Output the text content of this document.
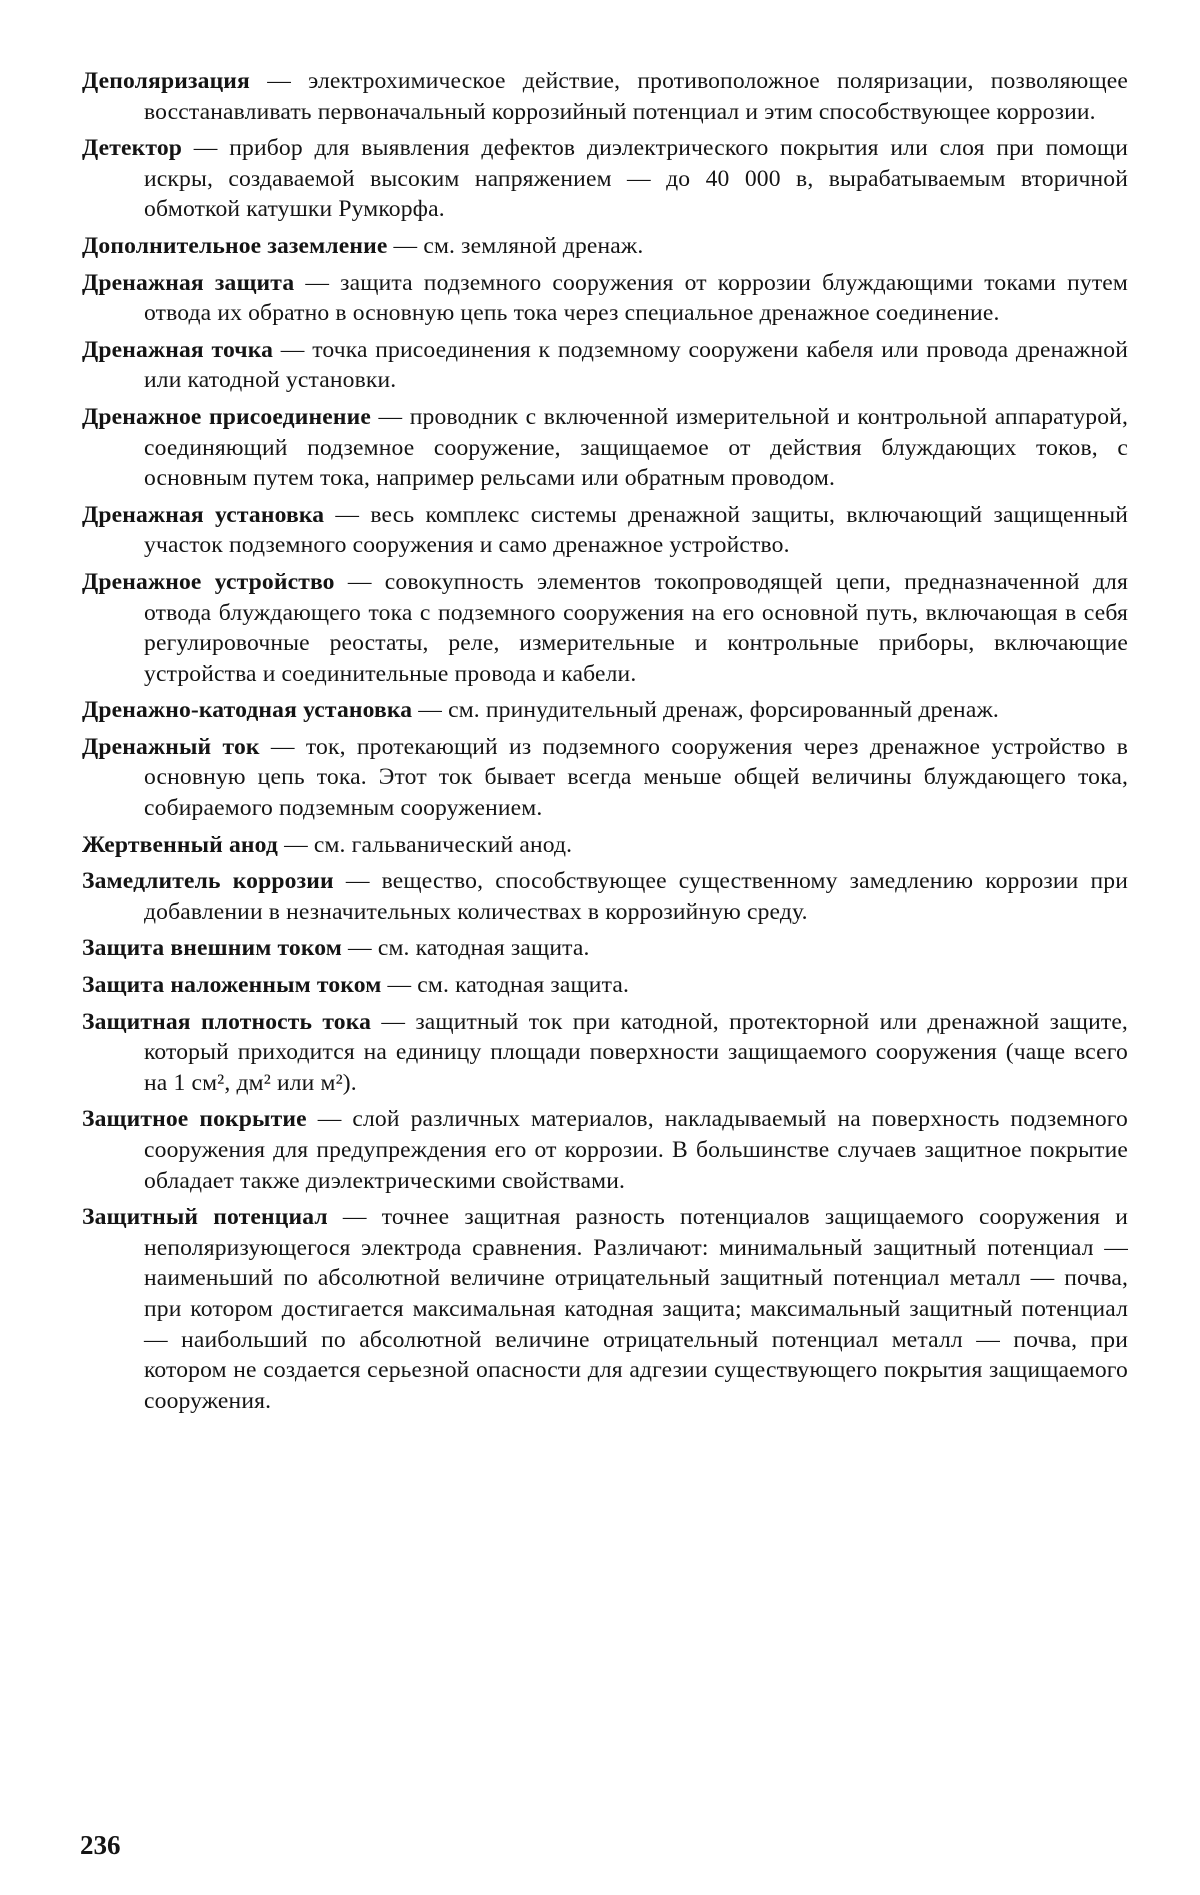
Деполяризация — электрохимическое действие, противоположное поляризации, позволяющее восстанавливать первоначальный коррозийный потенциал и этим способствующее коррозии.

Детектор — прибор для выявления дефектов диэлектрического покрытия или слоя при помощи искры, создаваемой высоким напряжением — до 40 000 в, вырабатываемым вторичной обмоткой катушки Румкорфа.

Дополнительное заземление — см. земляной дренаж.

Дренажная защита — защита подземного сооружения от коррозии блуждающими токами путем отвода их обратно в основную цепь тока через специальное дренажное соединение.

Дренажная точка — точка присоединения к подземному сооружени кабеля или провода дренажной или катодной установки.

Дренажное присоединение — проводник с включенной измерительной и контрольной аппаратурой, соединяющий подземное сооружение, защищаемое от действия блуждающих токов, с основным путем тока, например рельсами или обратным проводом.

Дренажная установка — весь комплекс системы дренажной защиты, включающий защищенный участок подземного сооружения и само дренажное устройство.

Дренажное устройство — совокупность элементов токопроводящей цепи, предназначенной для отвода блуждающего тока с подземного сооружения на его основной путь, включающая в себя регулировочные реостаты, реле, измерительные и контрольные приборы, включающие устройства и соединительные провода и кабели.

Дренажно-катодная установка — см. принудительный дренаж, форсированный дренаж.

Дренажный ток — ток, протекающий из подземного сооружения через дренажное устройство в основную цепь тока. Этот ток бывает всегда меньше общей величины блуждающего тока, собираемого подземным сооружением.

Жертвенный анод — см. гальванический анод.

Замедлитель коррозии — вещество, способствующее существенному замедлению коррозии при добавлении в незначительных количествах в коррозийную среду.

Защита внешним током — см. катодная защита.

Защита наложенным током — см. катодная защита.

Защитная плотность тока — защитный ток при катодной, протекторной или дренажной защите, который приходится на единицу площади поверхности защищаемого сооружения (чаще всего на 1 см², дм² или м²).

Защитное покрытие — слой различных материалов, накладываемый на поверхность подземного сооружения для предупреждения его от коррозии. В большинстве случаев защитное покрытие обладает также диэлектрическими свойствами.

Защитный потенциал — точнее защитная разность потенциалов защищаемого сооружения и неполяризующегося электрода сравнения. Различают: минимальный защитный потенциал — наименьший по абсолютной величине отрицательный защитный потенциал металл — почва, при котором достигается максимальная катодная защита; максимальный защитный потенциал — наибольший по абсолютной величине отрицательный потенциал металл — почва, при котором не создается серьезной опасности для адгезии существующего покрытия защищаемого сооружения.

236
